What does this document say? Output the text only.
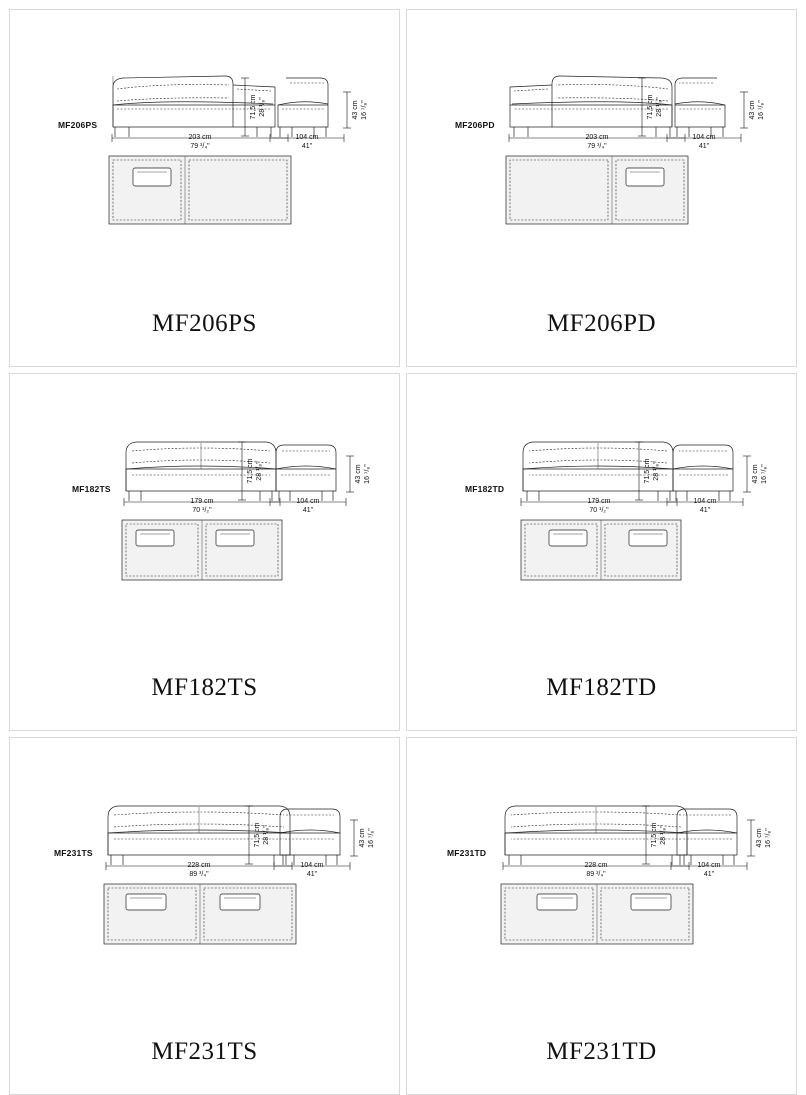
MF206PS
203 cm
79 ³/₄"
71,5 cm 28 ¹/₈"
104 cm
41"
43 cm 16 ⁷/₈"
MF206PS
MF206PD
203 cm
79 ³/₄"
71,5 cm 28 ¹/₈"
104 cm
41"
43 cm 16 ⁷/₈"
MF206PD
MF182TS
179 cm
70 ¹/₂"
71,5 cm 28 ¹/₈"
104 cm
41"
43 cm 16 ⁷/₈"
MF182TS
MF182TD
179 cm
70 ¹/₂"
71,5 cm 28 ¹/₈"
104 cm
41"
43 cm 16 ⁷/₈"
MF182TD
MF231TS
228 cm
89 ³/₄"
71,5 cm 28 ¹/₈"
104 cm
41"
43 cm 16 ⁷/₈"
MF231TS
MF231TD
228 cm
89 ³/₄"
71,5 cm 28 ¹/₈"
104 cm
41"
43 cm 16 ⁷/₈"
MF231TD
